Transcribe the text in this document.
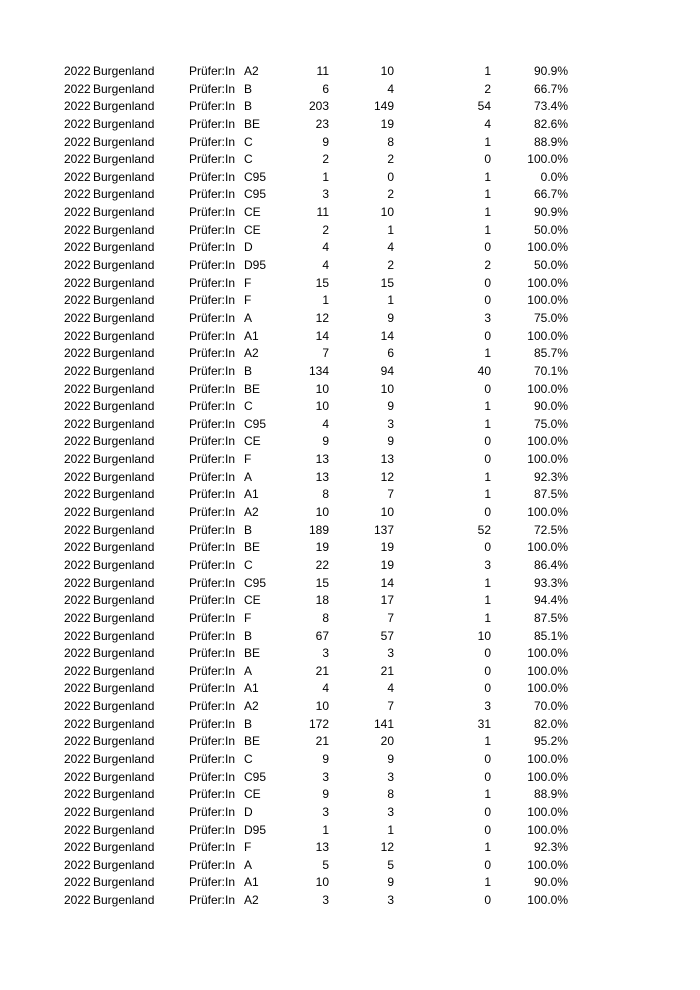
2022 Burgenland	Prüfer:In A2	11	10	1	90.9%
2022 Burgenland	Prüfer:In B	6	4	2	66.7%
2022 Burgenland	Prüfer:In B	203	149	54	73.4%
2022 Burgenland	Prüfer:In BE	23	19	4	82.6%
2022 Burgenland	Prüfer:In C	9	8	1	88.9%
2022 Burgenland	Prüfer:In C	2	2	0	100.0%
2022 Burgenland	Prüfer:In C95	1	0	1	0.0%
2022 Burgenland	Prüfer:In C95	3	2	1	66.7%
2022 Burgenland	Prüfer:In CE	11	10	1	90.9%
2022 Burgenland	Prüfer:In CE	2	1	1	50.0%
2022 Burgenland	Prüfer:In D	4	4	0	100.0%
2022 Burgenland	Prüfer:In D95	4	2	2	50.0%
2022 Burgenland	Prüfer:In F	15	15	0	100.0%
2022 Burgenland	Prüfer:In F	1	1	0	100.0%
2022 Burgenland	Prüfer:In A	12	9	3	75.0%
2022 Burgenland	Prüfer:In A1	14	14	0	100.0%
2022 Burgenland	Prüfer:In A2	7	6	1	85.7%
2022 Burgenland	Prüfer:In B	134	94	40	70.1%
2022 Burgenland	Prüfer:In BE	10	10	0	100.0%
2022 Burgenland	Prüfer:In C	10	9	1	90.0%
2022 Burgenland	Prüfer:In C95	4	3	1	75.0%
2022 Burgenland	Prüfer:In CE	9	9	0	100.0%
2022 Burgenland	Prüfer:In F	13	13	0	100.0%
2022 Burgenland	Prüfer:In A	13	12	1	92.3%
2022 Burgenland	Prüfer:In A1	8	7	1	87.5%
2022 Burgenland	Prüfer:In A2	10	10	0	100.0%
2022 Burgenland	Prüfer:In B	189	137	52	72.5%
2022 Burgenland	Prüfer:In BE	19	19	0	100.0%
2022 Burgenland	Prüfer:In C	22	19	3	86.4%
2022 Burgenland	Prüfer:In C95	15	14	1	93.3%
2022 Burgenland	Prüfer:In CE	18	17	1	94.4%
2022 Burgenland	Prüfer:In F	8	7	1	87.5%
2022 Burgenland	Prüfer:In B	67	57	10	85.1%
2022 Burgenland	Prüfer:In BE	3	3	0	100.0%
2022 Burgenland	Prüfer:In A	21	21	0	100.0%
2022 Burgenland	Prüfer:In A1	4	4	0	100.0%
2022 Burgenland	Prüfer:In A2	10	7	3	70.0%
2022 Burgenland	Prüfer:In B	172	141	31	82.0%
2022 Burgenland	Prüfer:In BE	21	20	1	95.2%
2022 Burgenland	Prüfer:In C	9	9	0	100.0%
2022 Burgenland	Prüfer:In C95	3	3	0	100.0%
2022 Burgenland	Prüfer:In CE	9	8	1	88.9%
2022 Burgenland	Prüfer:In D	3	3	0	100.0%
2022 Burgenland	Prüfer:In D95	1	1	0	100.0%
2022 Burgenland	Prüfer:In F	13	12	1	92.3%
2022 Burgenland	Prüfer:In A	5	5	0	100.0%
2022 Burgenland	Prüfer:In A1	10	9	1	90.0%
2022 Burgenland	Prüfer:In A2	3	3	0	100.0%
